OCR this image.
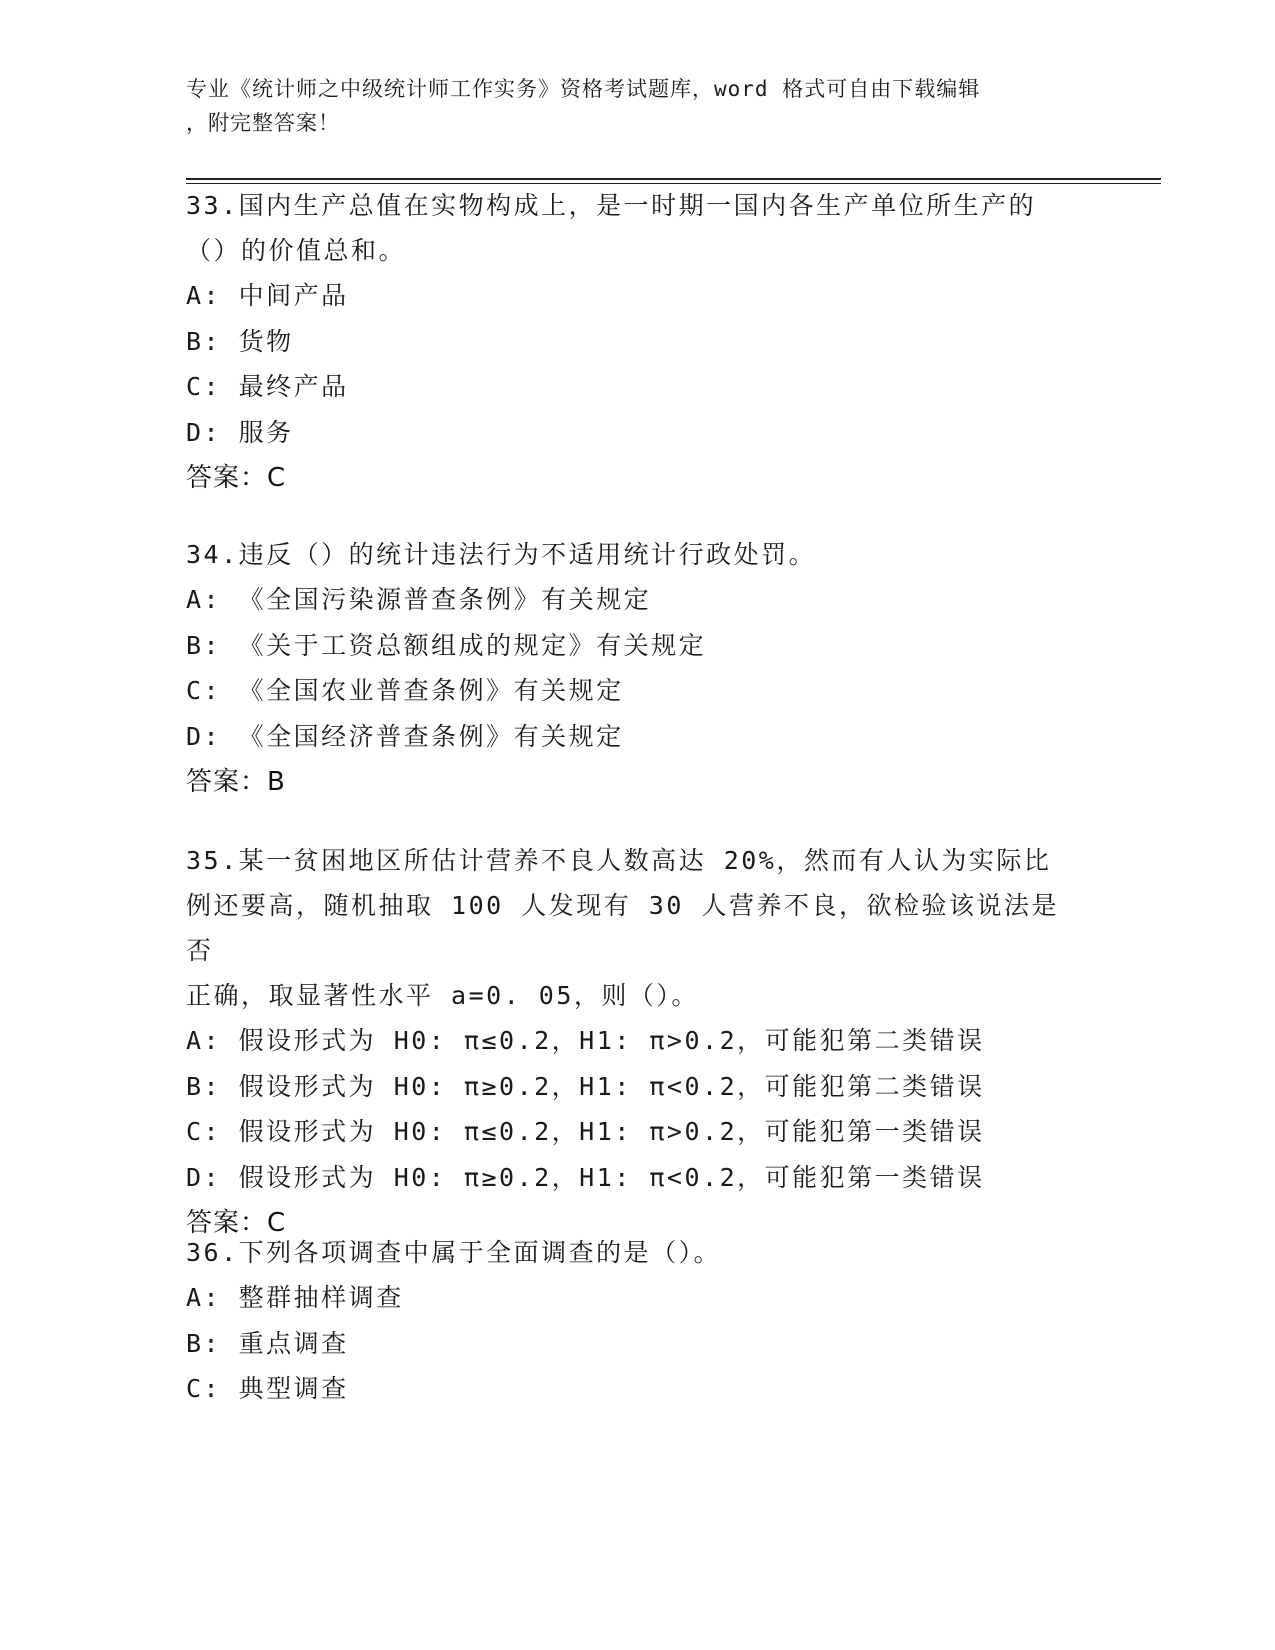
专业《统计师之中级统计师工作实务》资格考试题库，word 格式可自由下载编辑
，附完整答案！
33.国内生产总值在实物构成上，是一时期一国内各生产单位所生产的
（）的价值总和。
A: 中间产品
B: 货物
C: 最终产品
D: 服务
答案：C
34.违反（）的统计违法行为不适用统计行政处罚。
A: 《全国污染源普查条例》有关规定
B: 《关于工资总额组成的规定》有关规定
C: 《全国农业普查条例》有关规定
D: 《全国经济普查条例》有关规定
答案：B
35.某一贫困地区所估计营养不良人数高达 20%，然而有人认为实际比
例还要高，随机抽取 100 人发现有 30 人营养不良，欲检验该说法是否
正确，取显著性水平 a=0. 05，则（）。
A: 假设形式为 H0: π≤0.2，H1: π>0.2，可能犯第二类错误
B: 假设形式为 H0: π≥0.2，H1: π<0.2，可能犯第二类错误
C: 假设形式为 H0: π≤0.2，H1: π>0.2，可能犯第一类错误
D: 假设形式为 H0: π≥0.2，H1: π<0.2，可能犯第一类错误
答案：C
36.下列各项调查中属于全面调查的是（）。
A: 整群抽样调查
B: 重点调查
C: 典型调查
